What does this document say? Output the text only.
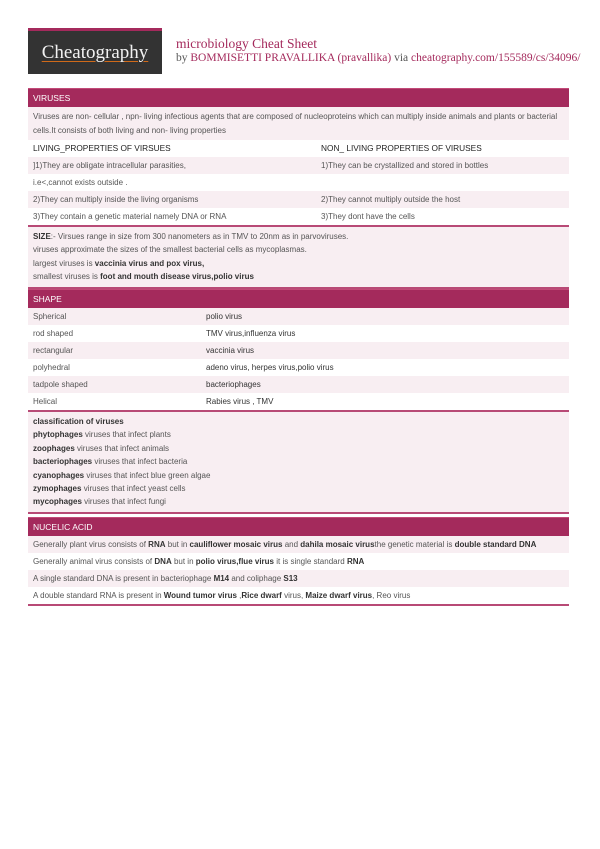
Cheatography microbiology Cheat Sheet
by BOMMISETTI PRAVALLIKA (pravallika) via cheatography.com/155589/cs/34096/
VIRUSES
Viruses are non- cellular , npn- living infectious agents that are composed of nucleoproteins which can multiply inside animals and plants or bacterial cells.It consists of both living and non- living properties
LIVING_PROPERTIES OF VIRSUES	NON_ LIVING PROPERTIES OF VIRUSES
]1)They are obligate intracellular parasities,	1)They can be crystallized and stored in bottles
i.e<,cannot exists outside .
2)They can multiply inside the living organisms	2)They cannot multiply outside the host
3)They contain a genetic material namely DNA or RNA	3)They dont have the cells
SIZE:- Virsues range in size from 300 nanometers as in TMV to 20nm as in parvoviruses.
viruses approximate the sizes of the smallest bacterial cells as mycoplasmas.
largest viruses is vaccinia virus and pox virus,
smallest viruses is foot and mouth disease virus,polio virus
SHAPE
Spherical	polio virus
rod shaped	TMV virus,influenza virus
rectangular	vaccinia virus
polyhedral	adeno virus, herpes virus,polio virus
tadpole shaped	bacteriophages
Helical	Rabies virus , TMV
classification of viruses
phytophages viruses that infect plants
zoophages viruses that infect animals
bacteriophages viruses that infect bacteria
cyanophages viruses that infect blue green algae
zymophages viruses that infect yeast cells
mycophages viruses that infect fungi
NUCELIC ACID
Generally plant virus consists of RNA but in cauliflower mosaic virus and dahila mosaic virusthe genetic material is double standard DNA
Generally animal virus consists of DNA but in polio virus,flue virus it is single standard RNA
A single standard DNA is present in bacteriophage M14 and coliphage S13
A double standard RNA is present in Wound tumor virus ,Rice dwarf virus, Maize dwarf virus, Reo virus
